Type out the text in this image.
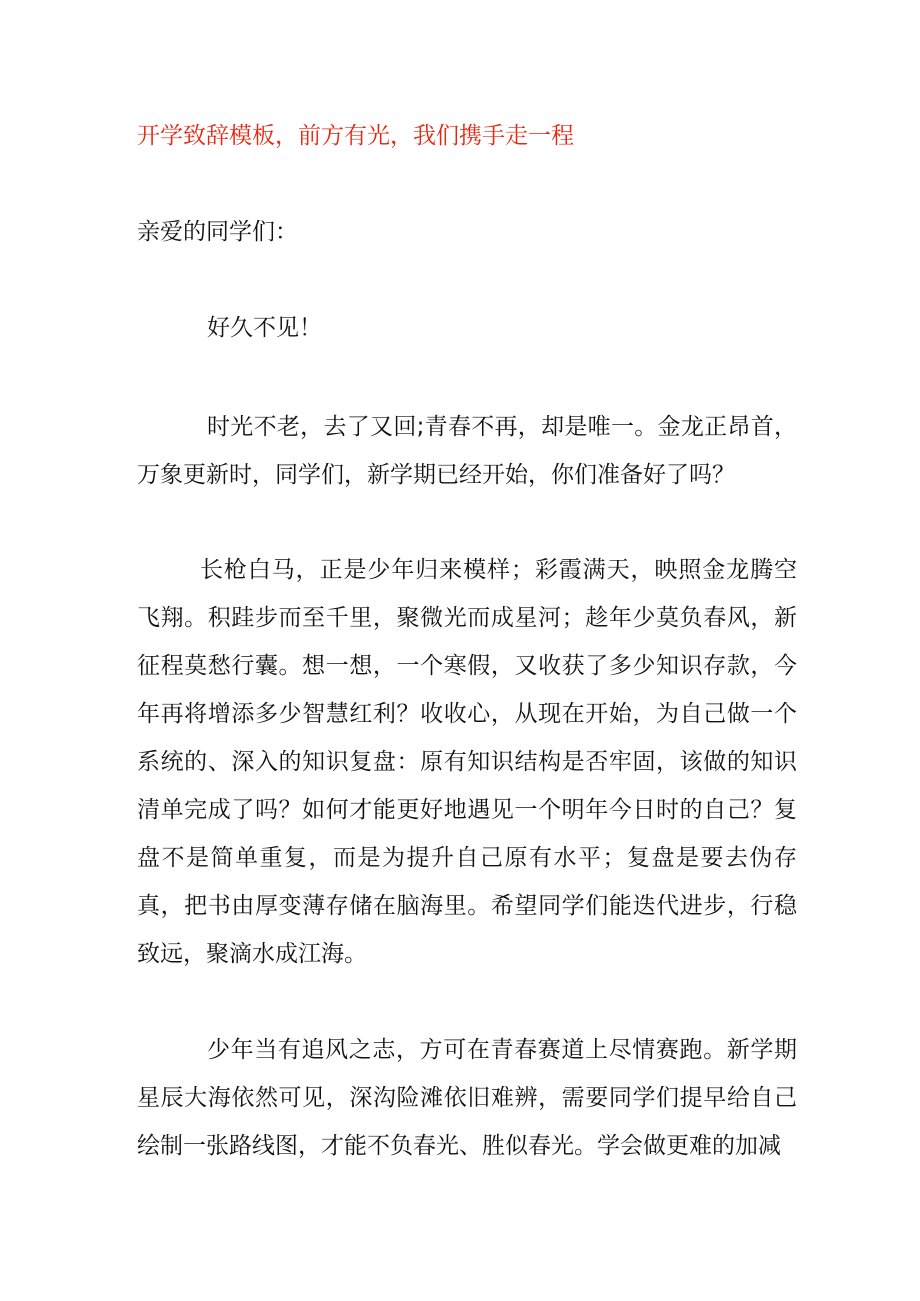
开学致辞模板，前方有光，我们携手走一程

亲爱的同学们：

好久不见！

时光不老，去了又回;青春不再，却是唯一。金龙正昂首，万象更新时，同学们，新学期已经开始，你们准备好了吗？

长枪白马，正是少年归来模样；彩霞满天，映照金龙腾空飞翔。积跬步而至千里，聚微光而成星河；趁年少莫负春风，新征程莫愁行囊。想一想，一个寒假，又收获了多少知识存款，今年再将增添多少智慧红利？收收心，从现在开始，为自己做一个系统的、深入的知识复盘：原有知识结构是否牢固，该做的知识清单完成了吗？如何才能更好地遇见一个明年今日时的自己？复盘不是简单重复，而是为提升自己原有水平；复盘是要去伪存真，把书由厚变薄存储在脑海里。希望同学们能迭代进步，行稳致远，聚滴水成江海。

少年当有追风之志，方可在青春赛道上尽情赛跑。新学期星辰大海依然可见，深沟险滩依旧难辨，需要同学们提早给自己绘制一张路线图，才能不负春光、胜似春光。学会做更难的加减
